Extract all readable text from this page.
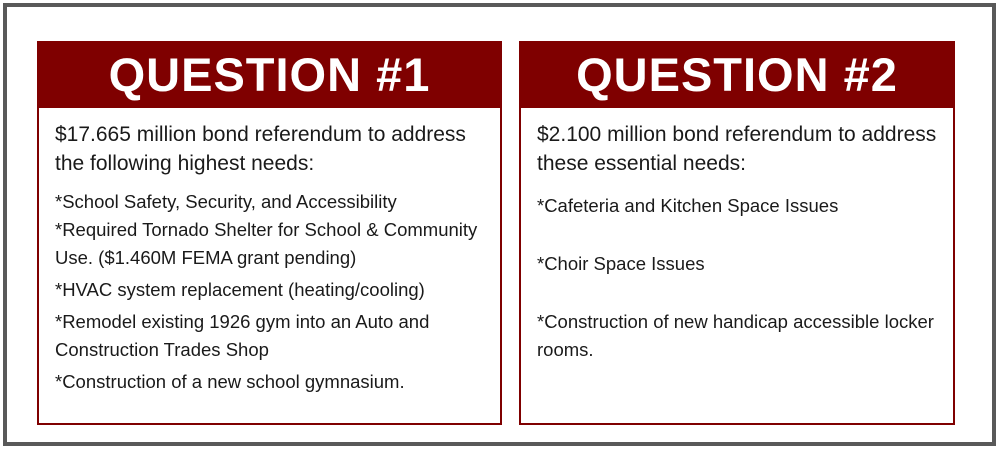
QUESTION #1

$17.665 million bond referendum to address the following highest needs:

*School Safety, Security, and Accessibility
*Required Tornado Shelter for School & Community Use. ($1.460M FEMA grant pending)
*HVAC system replacement (heating/cooling)
*Remodel existing 1926 gym into an Auto and Construction Trades Shop
*Construction of a new school gymnasium.
QUESTION #2

$2.100 million bond referendum to address these essential needs:

*Cafeteria and Kitchen Space Issues
*Choir Space Issues
*Construction of new handicap accessible locker rooms.
